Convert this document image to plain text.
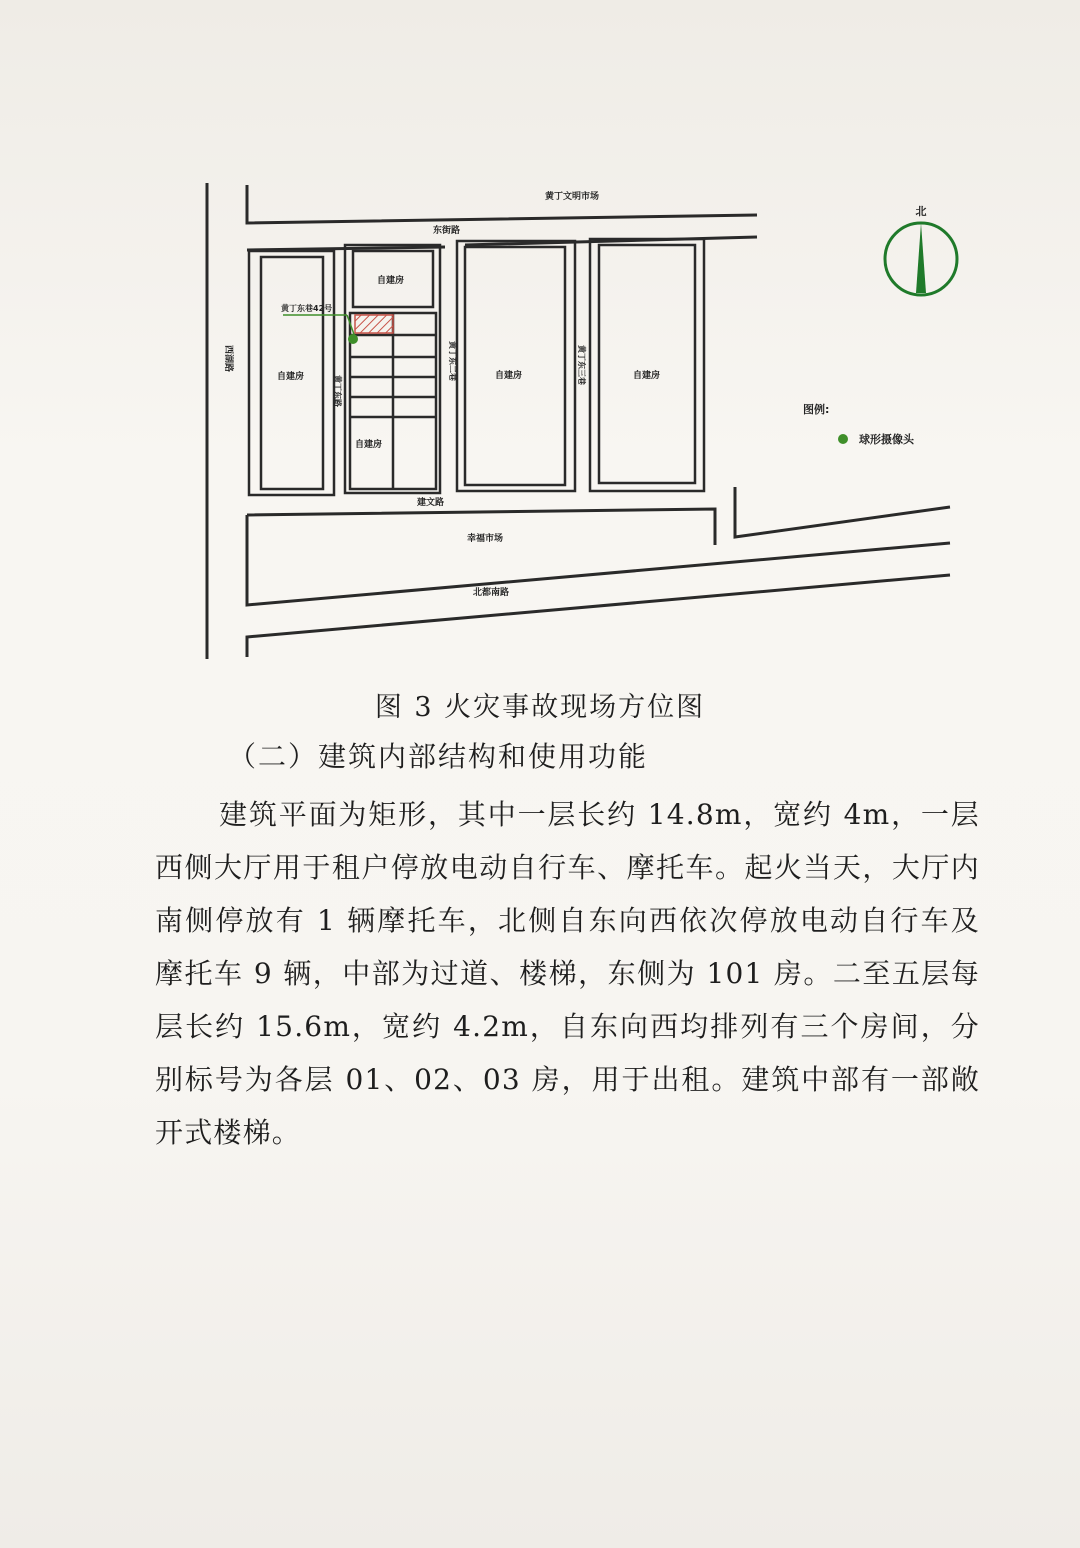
北
图例:
球形摄像头
黄丁文明市场
东街路
西湖路
自建房
自建房
自建房
自建房	自建房
黄丁东路
黄丁东二巷	黄丁东三巷
黄丁东巷42号
建文路
幸福市场
北都南路
图 3 火灾事故现场方位图
（二）建筑内部结构和使用功能
建筑平面为矩形，其中一层长约 14.8m，宽约 4m，一层西侧大厅用于租户停放电动自行车、摩托车。起火当天，大厅内南侧停放有 1 辆摩托车，北侧自东向西依次停放电动自行车及摩托车 9 辆，中部为过道、楼梯，东侧为 101 房。二至五层每层长约 15.6m，宽约 4.2m，自东向西均排列有三个房间，分别标号为各层 01、02、03 房，用于出租。建筑中部有一部敞开式楼梯。
